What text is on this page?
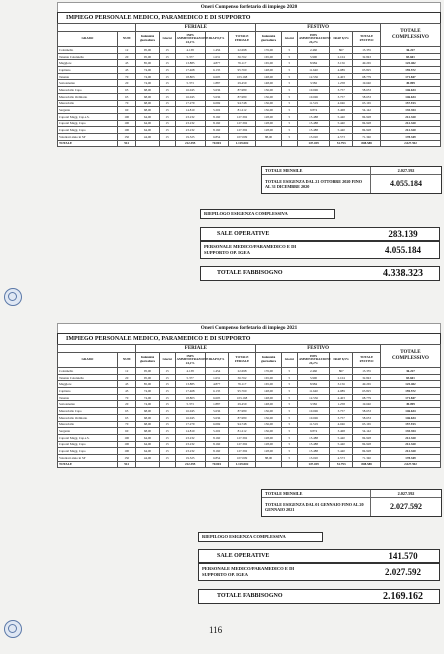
Oneri Compenso forfetario di impiego 2020
IMPIEGO PERSONALE MEDICO, PARAMEDICO E DI SUPPORTO
		FERIALE					FESTIVO					TOTALE COMPLESSIVO
GRADO	NUM	Indennità giornaliera	Giorni	INPS AMMINISTRAZIONE 24,2%	IRAP 8,5%	TOTALE FERIALE	Indennità giornaliera	Giorni	INPS AMMINISTRAZIONE 24,2%	IRAP 8,5%	TOTALE FESTIVO	
Colonnello	12	95,00	15	4.138	1.456	22.698	176,00	5	2.460	867	13.355	36.227
Tenente Colonnello	20	95,00	15	5.377	1.631	36.762	165,00	5	5.990	2.104	32.843	83.601
Maggiore	45	85,00	15	13.885	4.877	76.117	165,00	5	8.984	3.156	49.265	125.402
Capitano	45	74,00	15	17.468	6.135	95.760	148,00	5	11.640	4.089	63.825	159.572
Tenente	70	74,00	15	18.803	6.605	103.168	148,00	5	12.536	4.403	68.779	171.847
Sottotenente	20	74,00	15	5.373	1.887	29.459	148,00	5	3.582	1.258	19.640	49.099
Maresciallo Capo	65	68,00	15	16.045	5.636	87.980	136,00	5	10.696	3.757	58.653	146.634
Maresciallo Ordinario	65	68,00	15	16.045	5.636	87.980	136,00	5	10.696	3.757	58.653	146.634
Maresciallo	70	68,00	15	17.279	6.069	94.748	136,00	5	11.519	4.046	63.165	157.913
Sergente	60	68,00	15	14.810	5.202	81.212	136,00	5	9.874	3.468	54.142	135.354
Caporal Magg. Cap.s.S.	100	64,00	15	23.232	8.160	127.392	128,00	5	15.488	5.440	84.928	212.320
Caporal Magg. Capo	100	64,00	15	23.232	8.160	127.392	128,00	5	15.488	5.440	84.928	212.320
Caporal Magg. Capo	100	64,00	15	23.232	8.160	127.392	128,00	5	15.488	5.440	84.928	212.320
Volontari anno in SP	150	44,00	15	19.525	6.854	107.009	88,00	5	13.020	4.573	71.340	178.349
TOTALE	912			212.395	70.801	1.119.002			147.459	51.793	808.588	2.027.592
TOTALE MENSILE	2.027.592
TOTALE ESIGENZA DAL 21 OTTOBRE 2020 FINO AL 31 DICEMBRE 2020	4.055.184
RIEPILOGO ESIGENZA COMPLESSIVA
SALE OPERATIVE	283.139
PERSONALE MEDICO/PARAMEDICO E DI SUPPORTO OP. IGEA	4.055.184
TOTALE FABBISOGNO	4.338.323
Oneri Compenso forfetario di impiego 2021
IMPIEGO PERSONALE MEDICO, PARAMEDICO E DI SUPPORTO
		FERIALE					FESTIVO					TOTALE COMPLESSIVO
GRADO	NUM	Indennità giornaliera	Giorni	INPS AMMINISTRAZIONE 24,2%	IRAP 8,5%	TOTALE FERIALE	Indennità giornaliera	Giorni	INPS AMMINISTRAZIONE 24,2%	IRAP 8,5%	TOTALE FESTIVO	
Colonnello	12	95,00	15	4.138	1.454	22.698	176,00	5	2.460	867	13.355	36.227
Tenente Colonnello	20	95,00	15	5.377	1.631	36.762	165,00	5	5.990	2.104	32.843	83.601
Maggiore	45	85,00	15	13.885	4.877	76.117	165,00	5	8.984	3.156	49.265	125.402
Capitano	45	74,00	15	17.468	6.135	95.760	148,00	5	11.640	4.089	63.825	159.572
Tenente	70	74,00	15	18.803	6.605	103.168	148,00	5	12.536	4.403	68.779	171.847
Sottotenente	20	74,00	15	5.373	1.887	29.459	148,00	5	3.582	1.258	19.640	49.099
Maresciallo Capo	65	68,00	15	16.045	5.636	87.980	136,00	5	10.696	3.757	58.653	146.634
Maresciallo Ordinario	65	68,00	15	16.045	5.636	87.980	136,00	5	10.696	3.757	58.653	146.634
Maresciallo	70	68,00	15	17.279	6.069	94.748	136,00	5	11.519	4.046	63.165	157.913
Sergente	60	68,00	15	14.810	5.202	81.212	136,00	5	9.874	3.468	54.142	135.354
Caporal Magg. Cap.s.S.	100	64,00	15	23.232	8.160	127.392	128,00	5	15.488	5.440	84.928	212.320
Caporal Magg. Capo	100	64,00	15	23.232	8.160	127.392	128,00	5	15.488	5.440	84.928	212.320
Caporal Magg. Capo	100	64,00	15	23.232	8.160	127.392	128,00	5	15.488	5.440	84.928	212.320
Volontari anno in SP	150	44,00	15	19.525	6.854	107.009	88,00	5	13.020	4.573	71.340	178.349
TOTALE	912			212.395	70.801	1.119.002			147.459	51.793	808.588	2.027.592
TOTALE MENSILE	2.027.592
TOTALE ESIGENZA DAL 01 GENNAIO FINO AL 20 GENNAIO 2021	2.027.592
RIEPILOGO ESIGENZA COMPLESSIVA
SALE OPERATIVE	141.570
PERSONALE MEDICO/PARAMEDICO E DI SUPPORTO OP. IGEA	2.027.592
TOTALE FABBISOGNO	2.169.162
116
